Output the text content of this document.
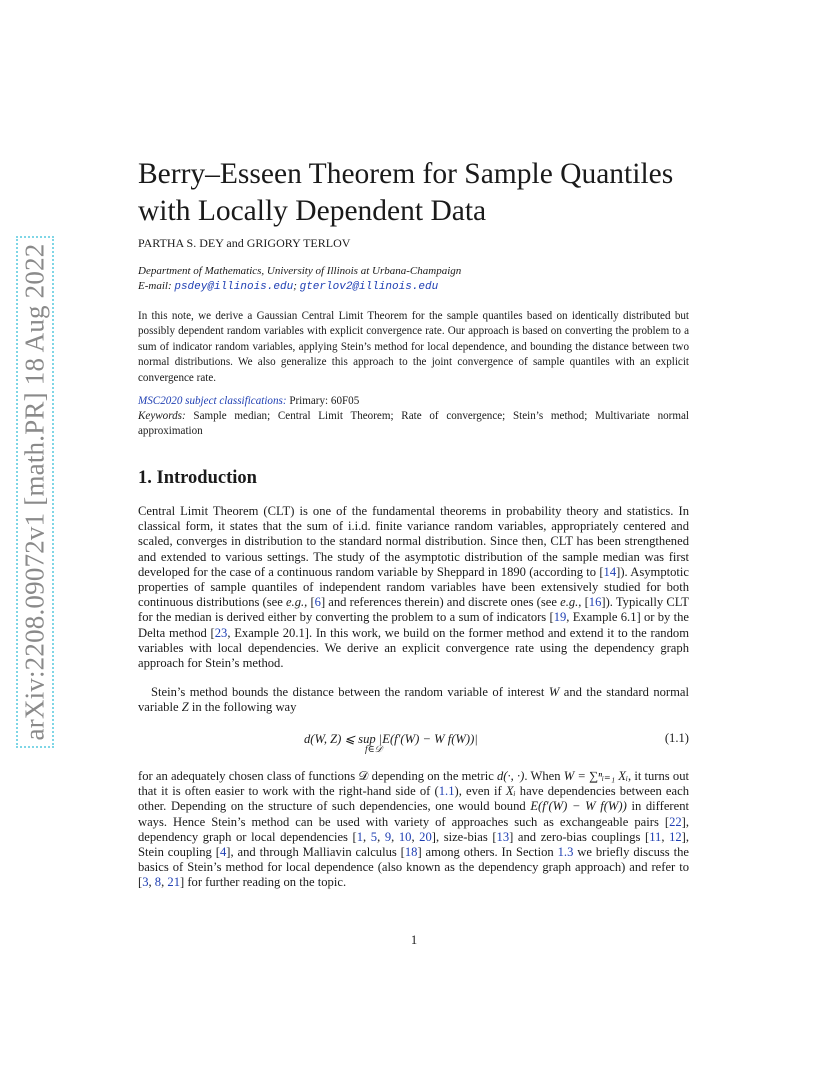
arXiv:2208.09072v1 [math.PR] 18 Aug 2022
Berry–Esseen Theorem for Sample Quantiles
with Locally Dependent Data
PARTHA S. DEY and GRIGORY TERLOV
Department of Mathematics, University of Illinois at Urbana-Champaign
E-mail: psdey@illinois.edu; gterlov2@illinois.edu

In this note, we derive a Gaussian Central Limit Theorem for the sample quantiles based on identically distributed but possibly dependent random variables with explicit convergence rate. Our approach is based on converting the problem to a sum of indicator random variables, applying Stein’s method for local dependence, and bounding the distance between two normal distributions. We also generalize this approach to the joint convergence of sample quantiles with an explicit convergence rate.

MSC2020 subject classifications: Primary: 60F05
Keywords: Sample median; Central Limit Theorem; Rate of convergence; Stein’s method; Multivariate normal approximation
1. Introduction

Central Limit Theorem (CLT) is one of the fundamental theorems in probability theory and statistics. In classical form, it states that the sum of i.i.d. finite variance random variables, appropriately centered and scaled, converges in distribution to the standard normal distribution. Since then, CLT has been strengthened and extended to various settings. The study of the asymptotic distribution of the sample median was first developed for the case of a continuous random variable by Sheppard in 1890 (according to [14]). Asymptotic properties of sample quantiles of independent random variables have been extensively studied for both continuous distributions (see e.g., [6] and references therein) and discrete ones (see e.g., [16]). Typically CLT for the median is derived either by converting the problem to a sum of indicators [19, Example 6.1] or by the Delta method [23, Example 20.1]. In this work, we build on the former method and extend it to the random variables with local dependencies. We derive an explicit convergence rate using the dependency graph approach for Stein’s method.

Stein’s method bounds the distance between the random variable of interest W and the standard normal variable Z in the following way

d(W, Z) ⩽ sup |E(f′(W) − W f(W))|
f∈𝒟
(1.1)

for an adequately chosen class of functions 𝒟 depending on the metric d(·, ·). When W = ∑ⁿᵢ₌₁ Xᵢ, it turns out that it is often easier to work with the right-hand side of (1.1), even if Xᵢ have dependencies between each other. Depending on the structure of such dependencies, one would bound E(f′(W) − W f(W)) in different ways. Hence Stein’s method can be used with variety of approaches such as exchangeable pairs [22], dependency graph or local dependencies [1, 5, 9, 10, 20], size-bias [13] and zero-bias couplings [11, 12], Stein coupling [4], and through Malliavin calculus [18] among others. In Section 1.3 we briefly discuss the basics of Stein’s method for local dependence (also known as the dependency graph approach) and refer to [3, 8, 21] for further reading on the topic.

1
